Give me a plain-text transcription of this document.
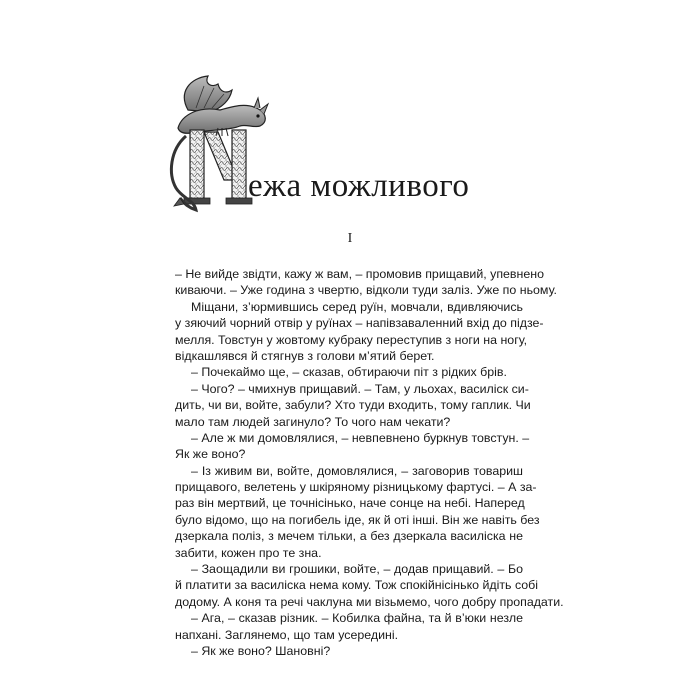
ежа можливого
I
– Не вийде звідти, кажу ж вам, – промовив прищавий, упевнено
киваючи. – Уже година з чвертю, відколи туди заліз. Уже по ньому.
Міщани, з’юрмившись серед руїн, мовчали, вдивляючись
у зяючий чорний отвір у руїнах – напівзаваленний вхід до підзе-
мелля. Товстун у жовтому кубраку переступив з ноги на ногу,
відкашлявся й стягнув з голови м’ятий берет.
– Почекаймо ще, – сказав, обтираючи піт з рідких брів.
– Чого? – чмихнув прищавий. – Там, у льохах, василіск си-
дить, чи ви, войте, забули? Хто туди входить, тому гаплик. Чи
мало там людей загинуло? То чого нам чекати?
– Але ж ми домовлялися, – невпевнено буркнув товстун. –
Як же воно?
– Із живим ви, войте, домовлялися, – заговорив товариш
прищавого, велетень у шкіряному різницькому фартусі. – А за-
раз він мертвий, це точнісінько, наче сонце на небі. Наперед
було відомо, що на погибель іде, як й оті інші. Він же навіть без
дзеркала поліз, з мечем тільки, а без дзеркала василіска не
забити, кожен про те зна.
– Заощадили ви грошики, войте, – додав прищавий. – Бо
й платити за василіска нема кому. Тож спокійнісінько йдіть собі
додому. А коня та речі чаклуна ми візьмемо, чого добру пропадати.
– Ага, – сказав різник. – Кобилка файна, та й в’юки незле
напхані. Заглянемо, що там усередині.
– Як же воно? Шановні?
